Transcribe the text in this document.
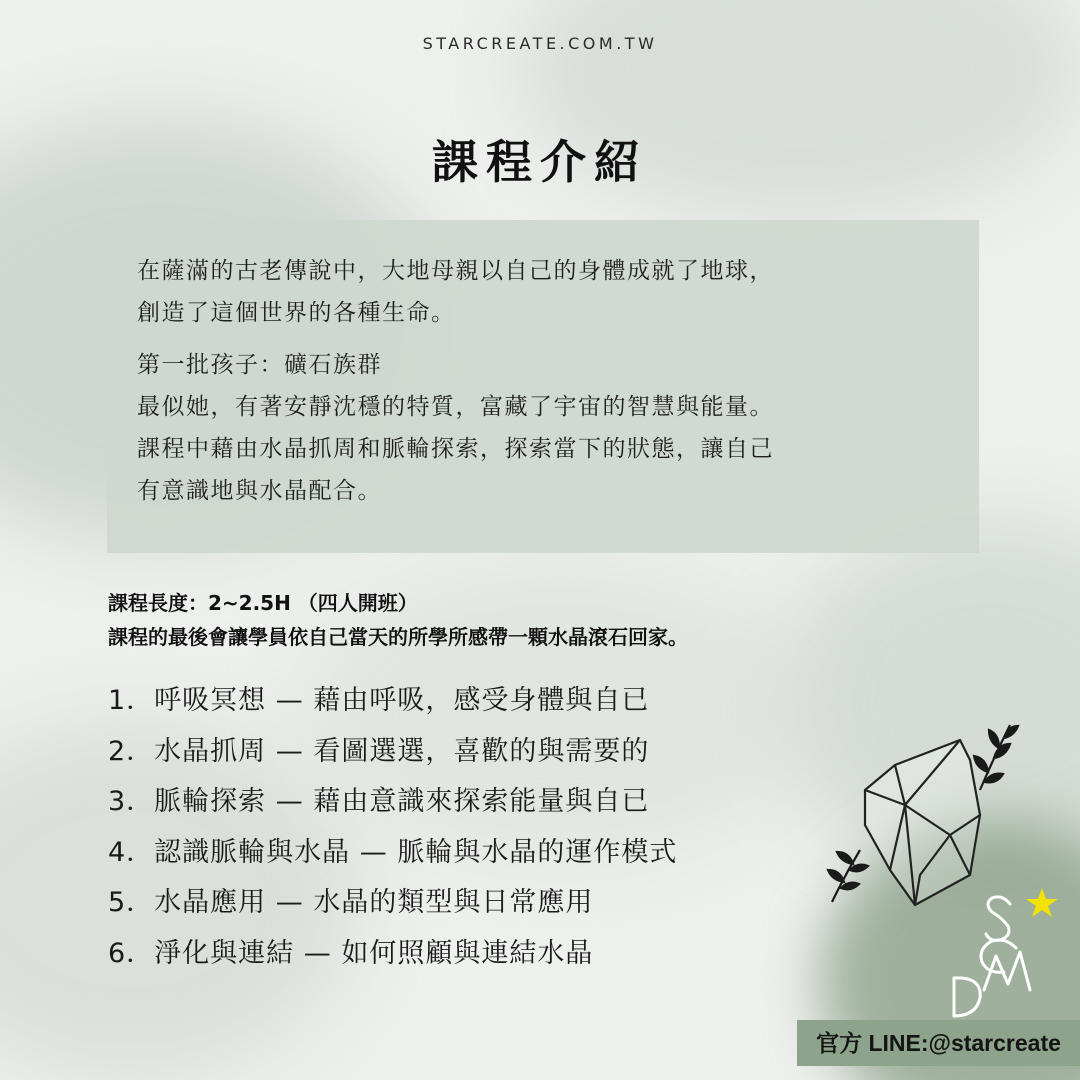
STARCREATE.COM.TW
課程介紹
在薩滿的古老傳說中，大地母親以自己的身體成就了地球，
創造了這個世界的各種生命。
第一批孩子：礦石族群
最似她，有著安靜沈穩的特質，富藏了宇宙的智慧與能量。
課程中藉由水晶抓周和脈輪探索，探索當下的狀態，讓自己
有意識地與水晶配合。
課程長度：2~2.5H （四人開班）
課程的最後會讓學員依自己當天的所學所感帶一顆水晶滾石回家。
1．呼吸冥想 — 藉由呼吸，感受身體與自已
2．水晶抓周 — 看圖選選，喜歡的與需要的
3．脈輪探索 — 藉由意識來探索能量與自已
4．認識脈輪與水晶 — 脈輪與水晶的運作模式
5．水晶應用 — 水晶的類型與日常應用
6．淨化與連結 — 如何照顧與連結水晶
官方 LINE:@starcreate
